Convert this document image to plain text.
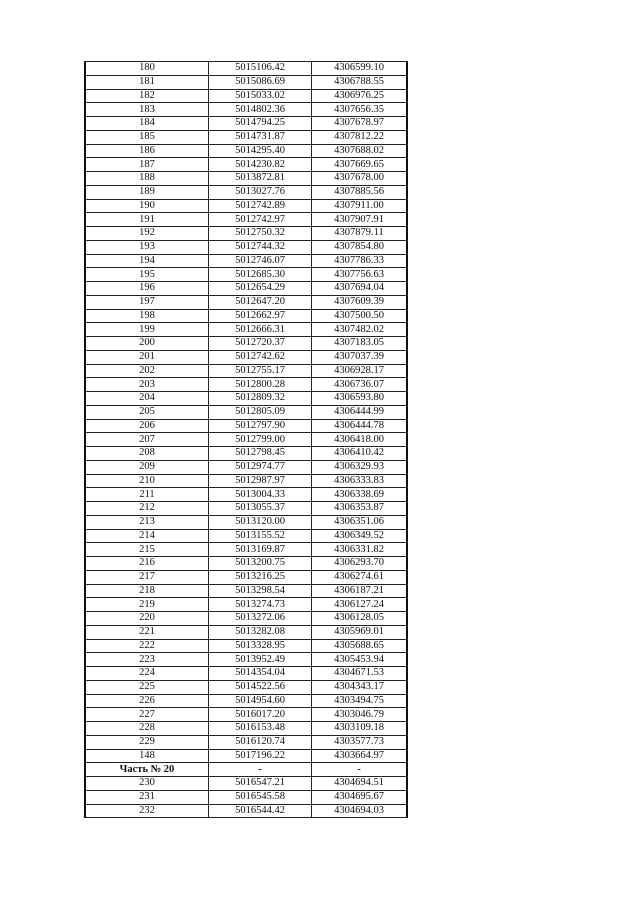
180	5015106.42	4306599.10
181	5015086.69	4306788.55
182	5015033.02	4306976.25
183	5014802.36	4307656.35
184	5014794.25	4307678.97
185	5014731.87	4307812.22
186	5014295.40	4307688.02
187	5014230.82	4307669.65
188	5013872.81	4307678.00
189	5013027.76	4307885.56
190	5012742.89	4307911.00
191	5012742.97	4307907.91
192	5012750.32	4307879.11
193	5012744.32	4307854.80
194	5012746.07	4307786.33
195	5012685.30	4307756.63
196	5012654.29	4307694.04
197	5012647.20	4307609.39
198	5012662.97	4307500.50
199	5012666.31	4307482.02
200	5012720.37	4307183.05
201	5012742.62	4307037.39
202	5012755.17	4306928.17
203	5012800.28	4306736.07
204	5012809.32	4306593.80
205	5012805.09	4306444.99
206	5012797.90	4306444.78
207	5012799.00	4306418.00
208	5012798.45	4306410.42
209	5012974.77	4306329.93
210	5012987.97	4306333.83
211	5013004.33	4306338.69
212	5013055.37	4306353.87
213	5013120.00	4306351.06
214	5013155.52	4306349.52
215	5013169.87	4306331.82
216	5013200.75	4306293.70
217	5013216.25	4306274.61
218	5013298.54	4306187.21
219	5013274.73	4306127.24
220	5013272.06	4306128.05
221	5013282.08	4305969.01
222	5013328.95	4305688.65
223	5013952.49	4305453.94
224	5014354.04	4304671.53
225	5014522.56	4304343.17
226	5014954.60	4303494.75
227	5016017.20	4303046.79
228	5016153.48	4303109.18
229	5016120.74	4303577.73
148	5017196.22	4303664.97
Часть № 20	-	-
230	5016547.21	4304694.51
231	5016545.58	4304695.67
232	5016544.42	4304694.03
